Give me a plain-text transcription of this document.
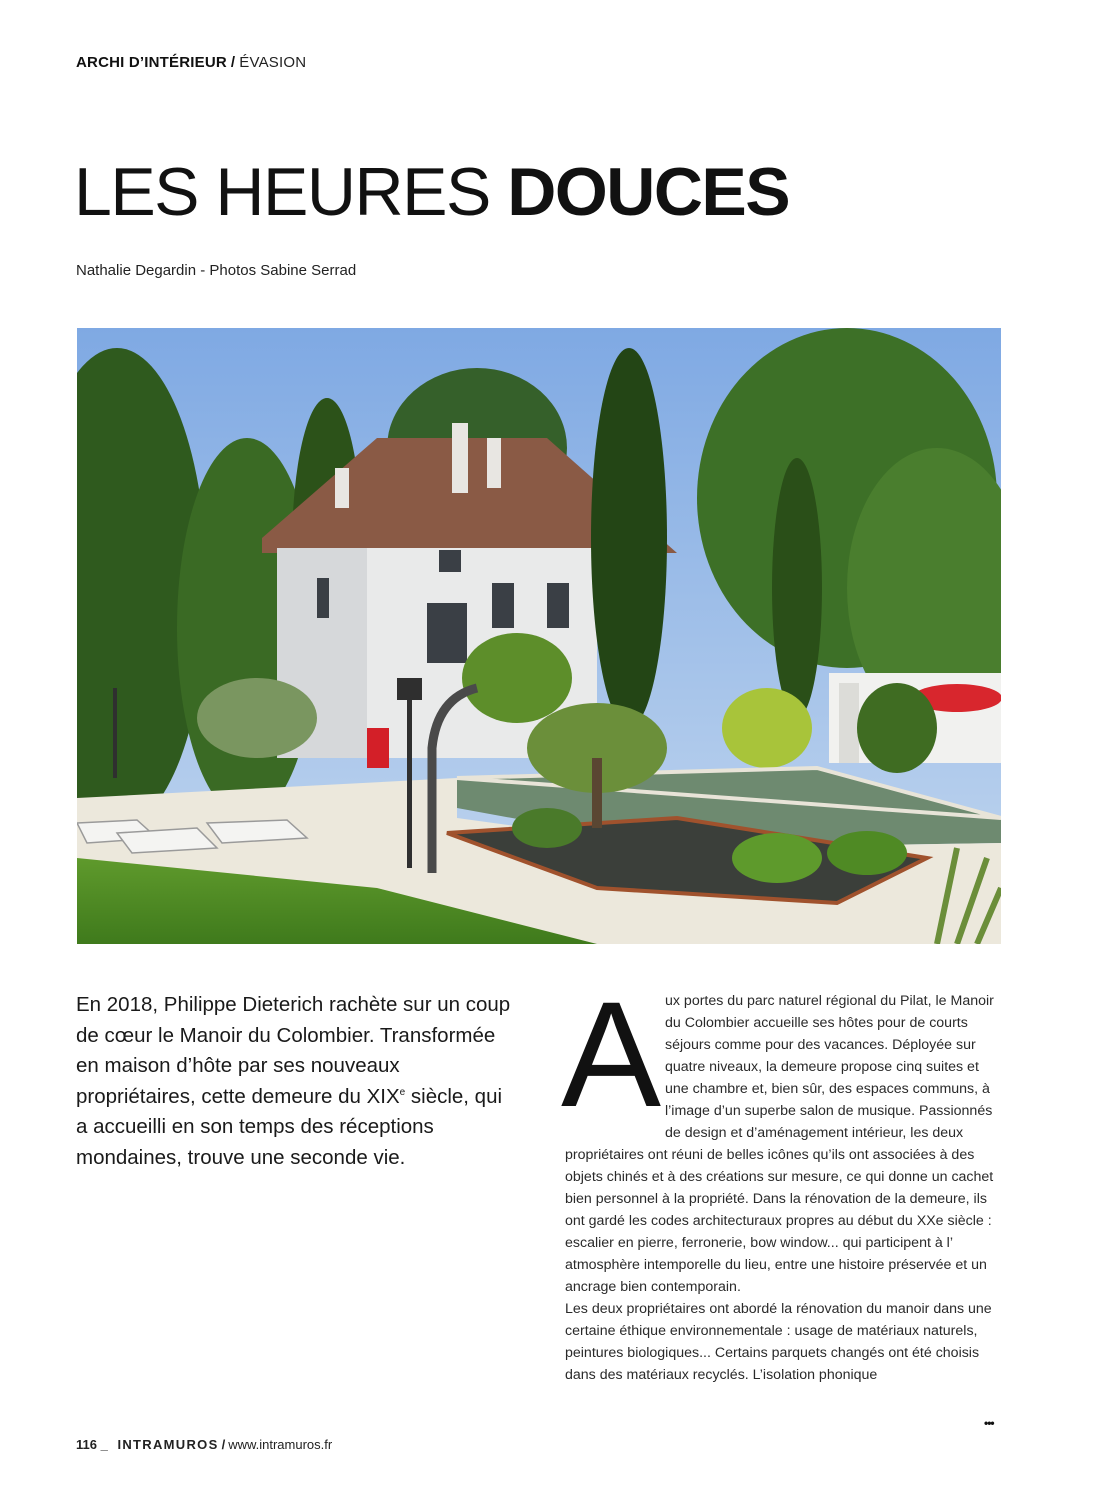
ARCHI D’INTÉRIEUR / ÉVASION
LES HEURES DOUCES
Nathalie Degardin - Photos Sabine Serrad
En 2018, Philippe Dieterich rachète sur un coup de cœur le Manoir du Colombier. Transformée en maison d’hôte par ses nouveaux propriétaires, cette demeure du XIXe siècle, qui a accueilli en son temps des réceptions mondaines, trouve une seconde vie.
A ux portes du parc naturel régional du Pilat, le Manoir du Colombier accueille ses hôtes pour de courts séjours comme pour des vacances. Déployée sur quatre niveaux, la demeure propose cinq suites et une chambre et, bien sûr, des espaces communs, à l’image d’un superbe salon de musique. Passionnés de design et d’aménagement intérieur, les deux propriétaires ont réuni de belles icônes qu’ils ont associées à des objets chinés et à des créations sur mesure, ce qui donne un cachet bien personnel à la propriété. Dans la rénovation de la demeure, ils ont gardé les codes architecturaux propres au début du XXe siècle : escalier en pierre, ferronerie, bow window... qui participent à l’ atmosphère intemporelle du lieu, entre une histoire préservée et un ancrage bien contemporain.

Les deux propriétaires ont abordé la rénovation du manoir dans une certaine éthique environnementale : usage de matériaux naturels, peintures biologiques... Certains parquets changés ont été choisis dans des matériaux recyclés. L’isolation phonique

•••
116 _ INTRAMUROS / www.intramuros.fr
